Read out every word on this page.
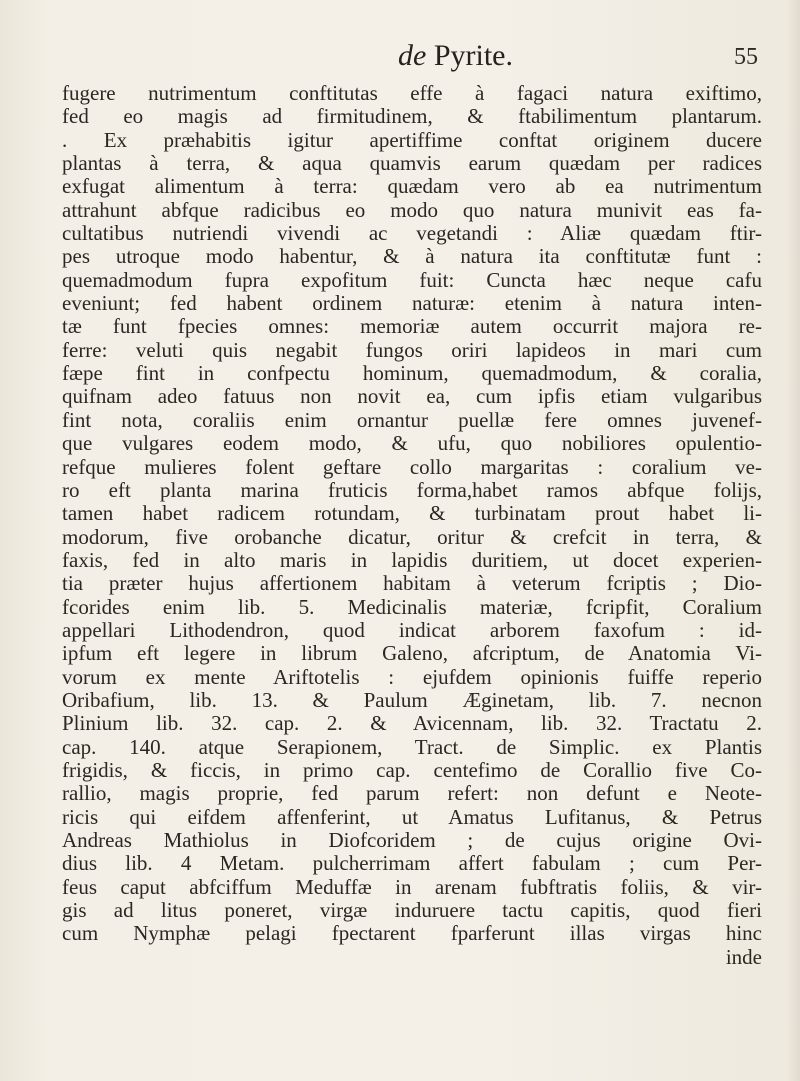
de Pyrite.	55
fugere nutrimentum conftitutas effe à fagaci natura exiftimo,
fed eo magis ad firmitudinem, & ftabilimentum plantarum.
. Ex præhabitis igitur apertiffime conftat originem ducere
plantas à terra, & aqua quamvis earum quædam per radices
exfugat alimentum à terra: quædam vero ab ea nutrimentum
attrahunt abfque radicibus eo modo quo natura munivit eas fa-
cultatibus nutriendi vivendi ac vegetandi : Aliæ quædam ftir-
pes utroque modo habentur, & à natura ita conftitutæ funt :
quemadmodum fupra expofitum fuit: Cuncta hæc neque cafu
eveniunt; fed habent ordinem naturæ: etenim à natura inten-
tæ funt fpecies omnes: memoriæ autem occurrit majora re-
ferre: veluti quis negabit fungos oriri lapideos in mari cum
fæpe fint in confpectu hominum, quemadmodum, & coralia,
quifnam adeo fatuus non novit ea, cum ipfis etiam vulgaribus
fint nota, coraliis enim ornantur puellæ fere omnes juvenef-
que vulgares eodem modo, & ufu, quo nobiliores opulentio-
refque mulieres folent geftare collo margaritas : coralium ve-
ro eft planta marina fruticis forma,habet ramos abfque folijs,
tamen habet radicem rotundam, & turbinatam prout habet li-
modorum, five orobanche dicatur, oritur & crefcit in terra, &
faxis, fed in alto maris in lapidis duritiem, ut docet experien-
tia præter hujus affertionem habitam à veterum fcriptis ; Dio-
fcorides enim lib. 5. Medicinalis materiæ, fcripfit, Coralium
appellari Lithodendron, quod indicat arborem faxofum : id-
ipfum eft legere in librum Galeno, afcriptum, de Anatomia Vi-
vorum ex mente Ariftotelis : ejufdem opinionis fuiffe reperio
Oribafium, lib. 13. & Paulum Æginetam, lib. 7. necnon
Plinium lib. 32. cap. 2. & Avicennam, lib. 32. Tractatu 2.
cap. 140. atque Serapionem, Tract. de Simplic. ex Plantis
frigidis, & ficcis, in primo cap. centefimo de Corallio five Co-
rallio, magis proprie, fed parum refert: non defunt e Neote-
ricis qui eifdem affenferint, ut Amatus Lufitanus, & Petrus
Andreas Mathiolus in Diofcoridem ; de cujus origine Ovi-
dius lib. 4 Metam. pulcherrimam affert fabulam ; cum Per-
feus caput abfciffum Meduffæ in arenam fubftratis foliis, & vir-
gis ad litus poneret, virgæ induruere tactu capitis, quod fieri
cum Nymphæ pelagi fpectarent fparferunt illas virgas hinc
inde
